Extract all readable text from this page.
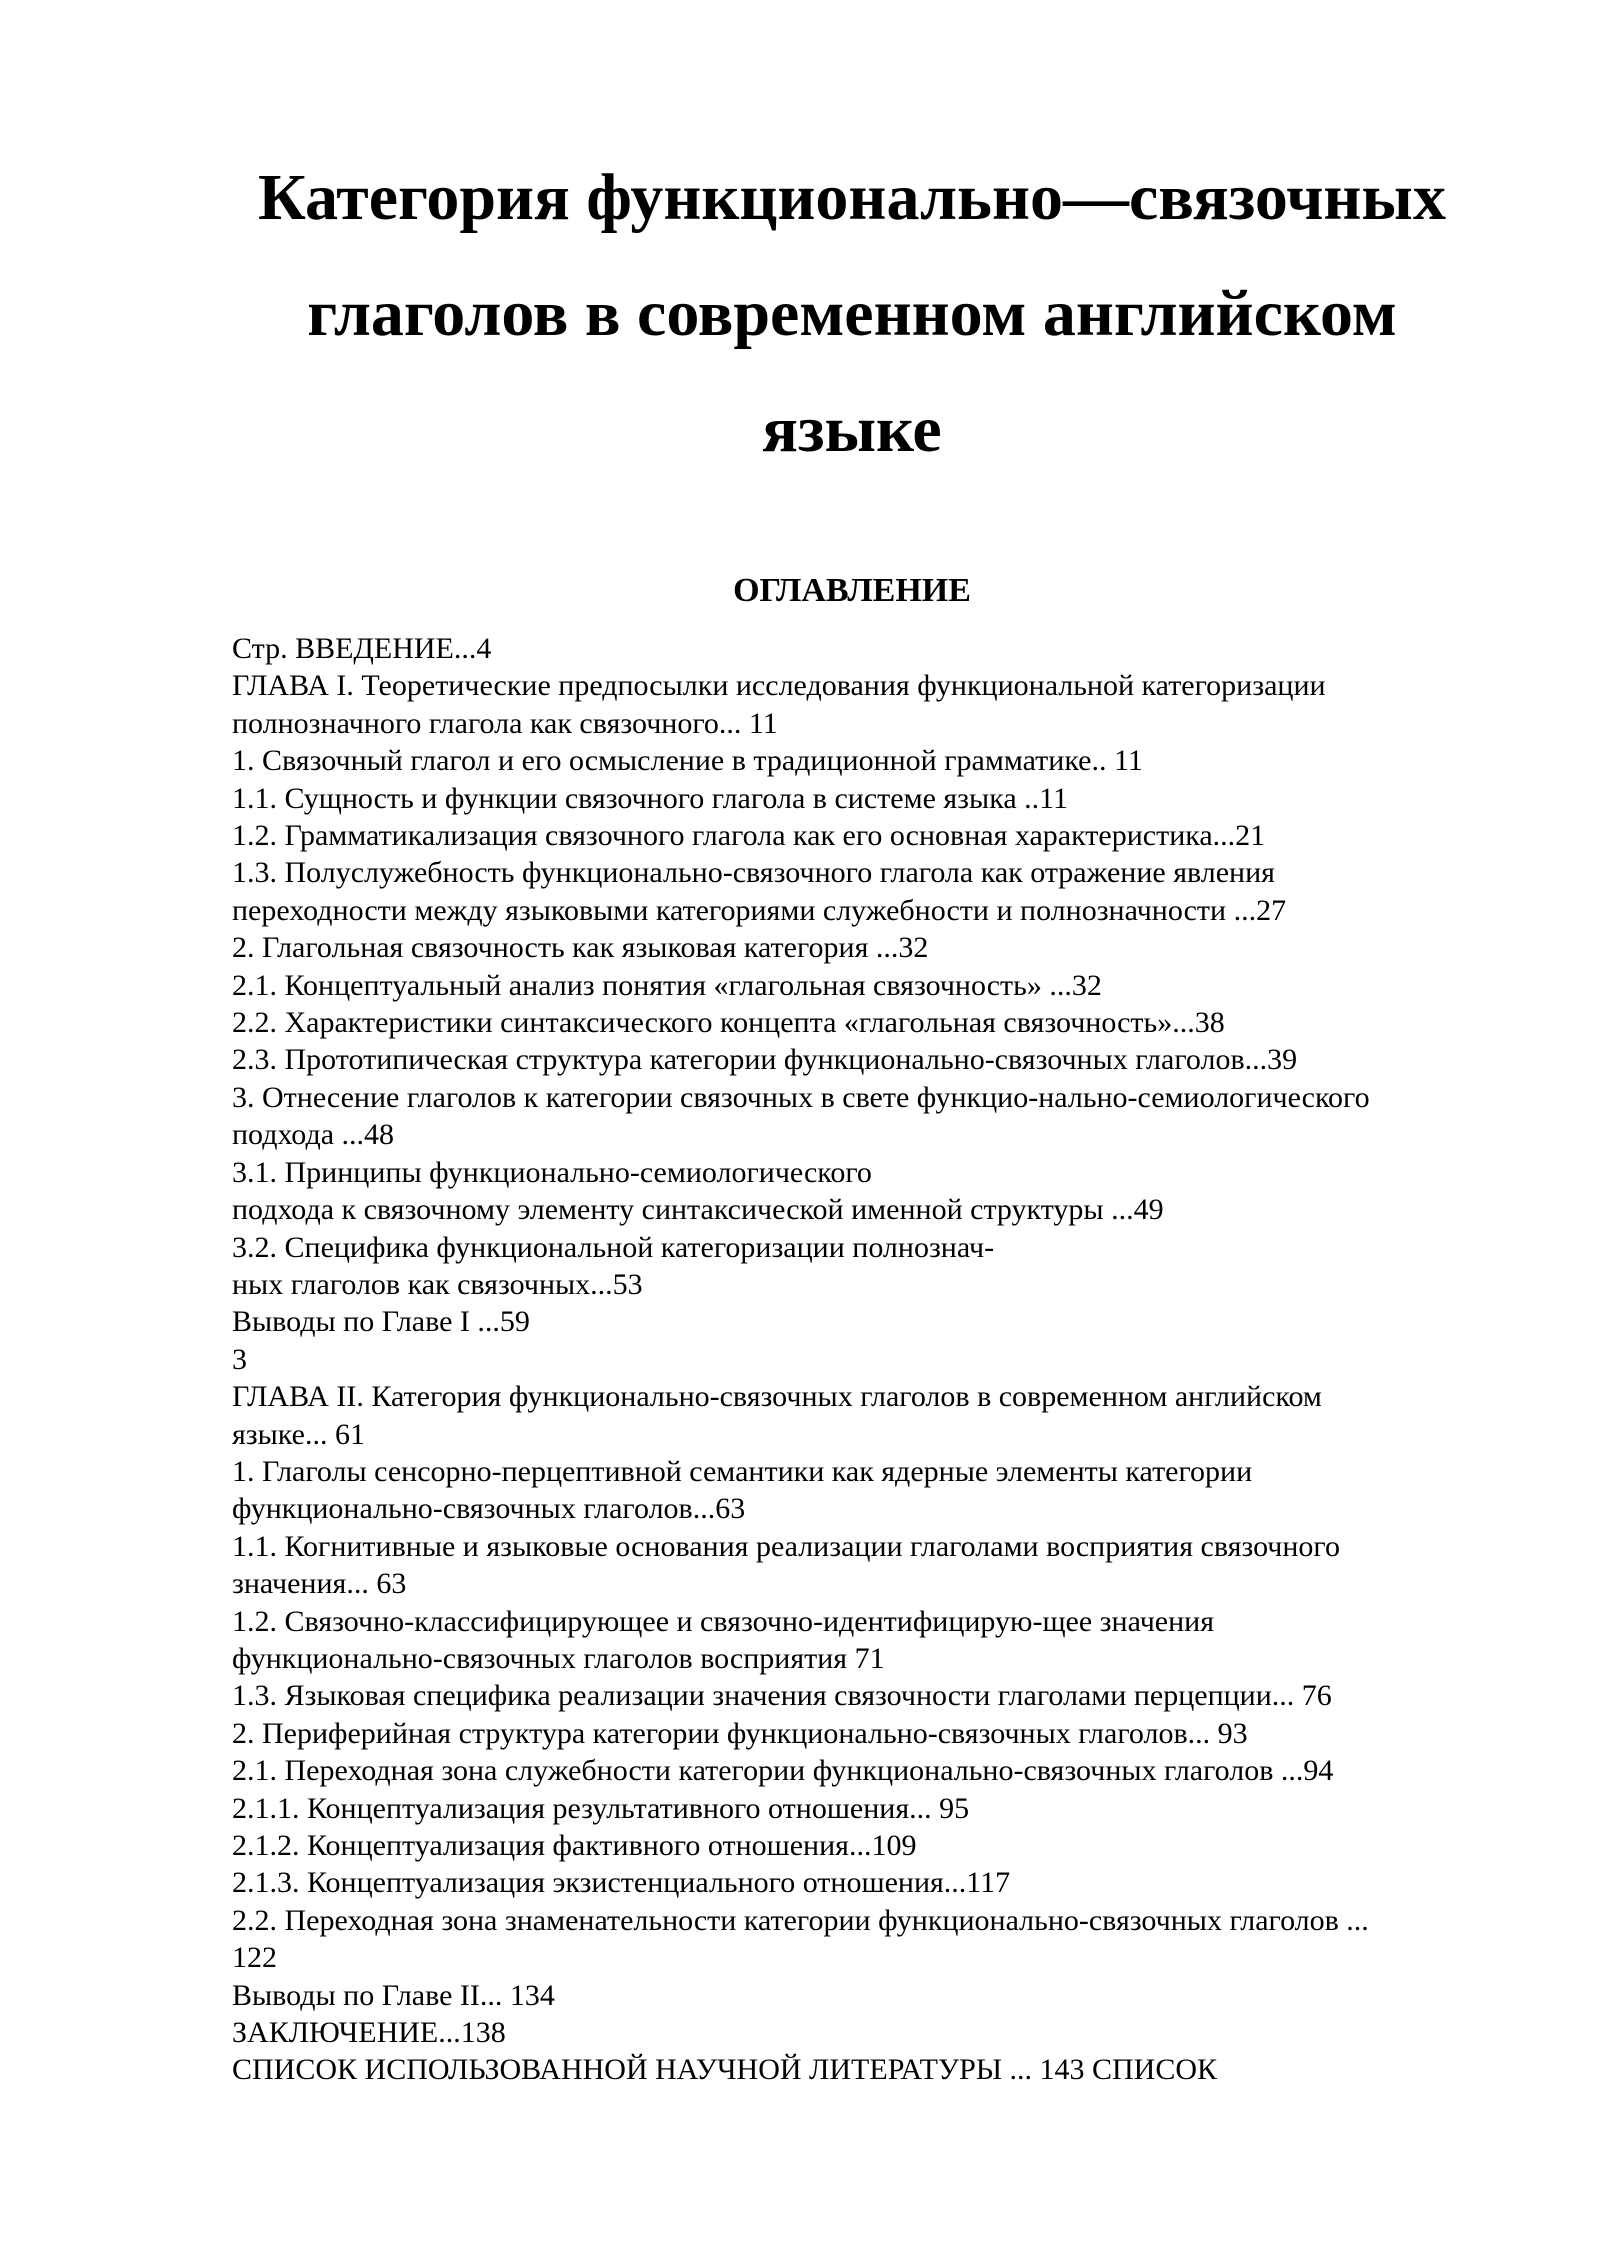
Категория функционально—связочных
глаголов в современном английском
языке
ОГЛАВЛЕНИЕ
Стр. ВВЕДЕНИЕ...4
ГЛАВА I. Теоретические предпосылки исследования функциональной категоризации
полнозначного глагола как связочного... 11
1. Связочный глагол и его осмысление в традиционной грамматике.. 11
1.1. Сущность и функции связочного глагола в системе языка ..11
1.2. Грамматикализация связочного глагола как его основная характеристика...21
1.3. Полуслужебность функционально-связочного глагола как отражение явления
переходности между языковыми категориями служебности и полнозначности ...27
2. Глагольная связочность как языковая категория ...32
2.1. Концептуальный анализ понятия «глагольная связочность» ...32
2.2. Характеристики синтаксического концепта «глагольная связочность»...38
2.3. Прототипическая структура категории функционально-связочных глаголов...39
3. Отнесение глаголов к категории связочных в свете функцио-нально-семиологического
подхода ...48
3.1. Принципы функционально-семиологического
подхода к связочному элементу синтаксической именной структуры ...49
3.2. Специфика функциональной категоризации полнознач-
ных глаголов как связочных...53
Выводы по Главе I ...59
3
ГЛАВА II. Категория функционально-связочных глаголов в современном английском
языке... 61
1. Глаголы сенсорно-перцептивной семантики как ядерные элементы категории
функционально-связочных глаголов...63
1.1. Когнитивные и языковые основания реализации глаголами восприятия связочного
значения... 63
1.2. Связочно-классифицирующее и связочно-идентифицирую-щее значения
функционально-связочных глаголов восприятия 71
1.3. Языковая специфика реализации значения связочности глаголами перцепции... 76
2. Периферийная структура категории функционально-связочных глаголов... 93
2.1. Переходная зона служебности категории функционально-связочных глаголов ...94
2.1.1. Концептуализация результативного отношения... 95
2.1.2. Концептуализация фактивного отношения...109
2.1.3. Концептуализация экзистенциального отношения...117
2.2. Переходная зона знаменательности категории функционально-связочных глаголов ...
122
Выводы по Главе II... 134
ЗАКЛЮЧЕНИЕ...138
СПИСОК ИСПОЛЬЗОВАННОЙ НАУЧНОЙ ЛИТЕРАТУРЫ ... 143 СПИСОК
